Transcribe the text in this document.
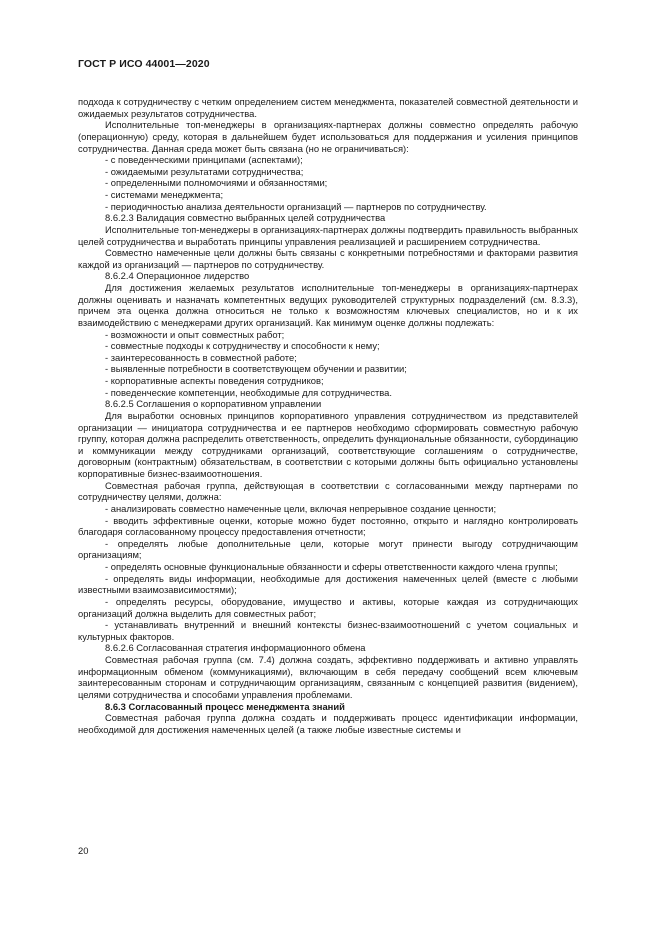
ГОСТ Р ИСО 44001—2020

подхода к сотрудничеству с четким определением систем менеджмента, показателей совместной деятельности и ожидаемых результатов сотрудничества.

Исполнительные топ-менеджеры в организациях-партнерах должны совместно определять рабочую (операционную) среду, которая в дальнейшем будет использоваться для поддержания и усиления принципов сотрудничества. Данная среда может быть связана (но не ограничиваться):

- с поведенческими принципами (аспектами);

- ожидаемыми результатами сотрудничества;

- определенными полномочиями и обязанностями;

- системами менеджмента;

- периодичностью анализа деятельности организаций — партнеров по сотрудничеству.

8.6.2.3 Валидация совместно выбранных целей сотрудничества

Исполнительные топ-менеджеры в организациях-партнерах должны подтвердить правильность выбранных целей сотрудничества и выработать принципы управления реализацией и расширением сотрудничества.

Совместно намеченные цели должны быть связаны с конкретными потребностями и факторами развития каждой из организаций — партнеров по сотрудничеству.

8.6.2.4 Операционное лидерство

Для достижения желаемых результатов исполнительные топ-менеджеры в организациях-партнерах должны оценивать и назначать компетентных ведущих руководителей структурных подразделений (см. 8.3.3), причем эта оценка должна относиться не только к возможностям ключевых специалистов, но и к их взаимодействию с менеджерами других организаций. Как минимум оценке должны подлежать:

- возможности и опыт совместных работ;

- совместные подходы к сотрудничеству и способности к нему;

- заинтересованность в совместной работе;

- выявленные потребности в соответствующем обучении и развитии;

- корпоративные аспекты поведения сотрудников;

- поведенческие компетенции, необходимые для сотрудничества.

8.6.2.5 Соглашения о корпоративном управлении

Для выработки основных принципов корпоративного управления сотрудничеством из представителей организации — инициатора сотрудничества и ее партнеров необходимо сформировать совместную рабочую группу, которая должна распределить ответственность, определить функциональные обязанности, субординацию и коммуникации между сотрудниками организаций, соответствующие соглашениям о сотрудничестве, договорным (контрактным) обязательствам, в соответствии с которыми должны быть официально установлены корпоративные бизнес-взаимоотношения.

Совместная рабочая группа, действующая в соответствии с согласованными между партнерами по сотрудничеству целями, должна:

- анализировать совместно намеченные цели, включая непрерывное создание ценности;

- вводить эффективные оценки, которые можно будет постоянно, открыто и наглядно контролировать благодаря согласованному процессу предоставления отчетности;

- определять любые дополнительные цели, которые могут принести выгоду сотрудничающим организациям;

- определять основные функциональные обязанности и сферы ответственности каждого члена группы;

- определять виды информации, необходимые для достижения намеченных целей (вместе с любыми известными взаимозависимостями);

- определять ресурсы, оборудование, имущество и активы, которые каждая из сотрудничающих организаций должна выделить для совместных работ;

- устанавливать внутренний и внешний контексты бизнес-взаимоотношений с учетом социальных и культурных факторов.

8.6.2.6 Согласованная стратегия информационного обмена

Совместная рабочая группа (см. 7.4) должна создать, эффективно поддерживать и активно управлять информационным обменом (коммуникациями), включающим в себя передачу сообщений всем ключевым заинтересованным сторонам и сотрудничающим организациям, связанным с концепцией развития (видением), целями сотрудничества и способами управления проблемами.

8.6.3 Согласованный процесс менеджмента знаний

Совместная рабочая группа должна создать и поддерживать процесс идентификации информации, необходимой для достижения намеченных целей (а также любые известные системы и

20
